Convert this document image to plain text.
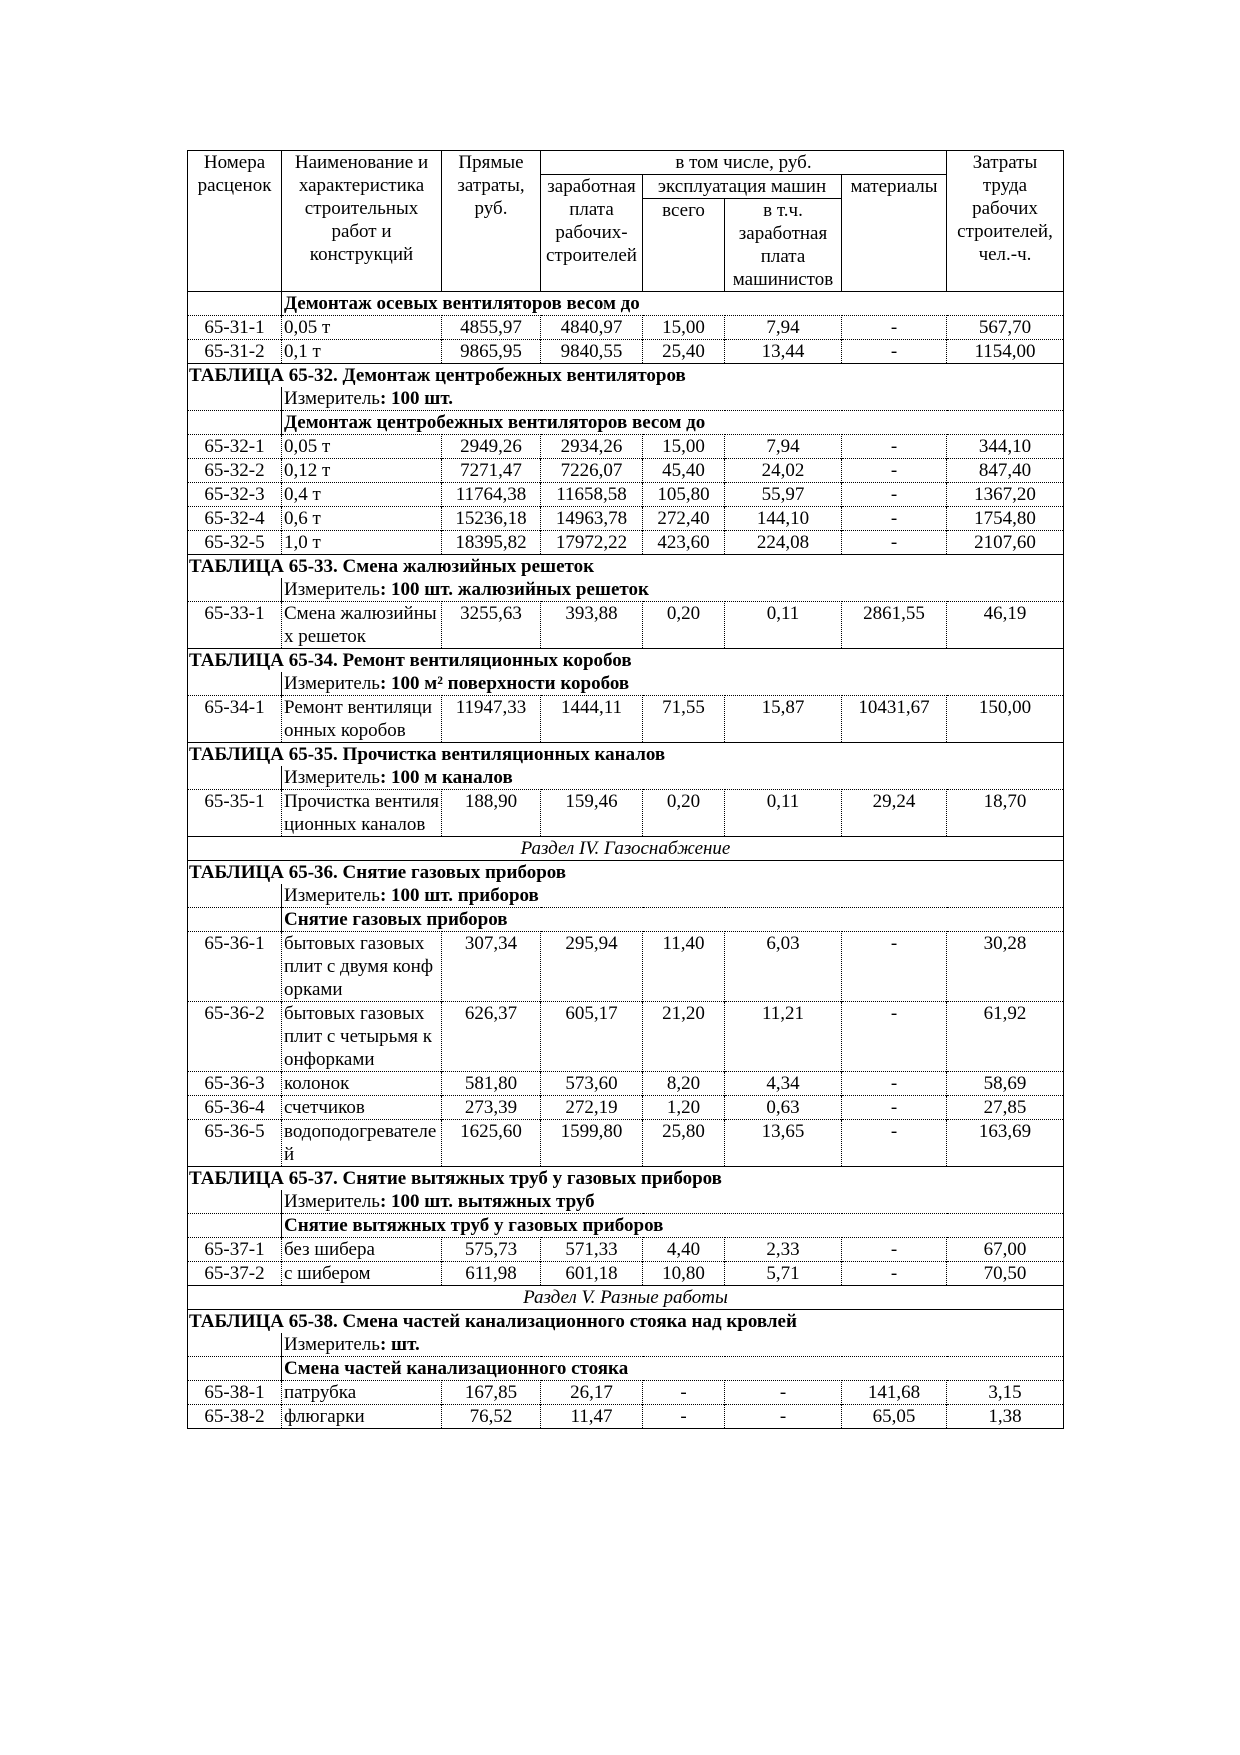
Номера расценок	Наименование и характеристика строительных работ и конструкций	Прямые затраты, руб.	в том числе, руб.				Затраты труда рабочих строителей, чел.-ч.
			заработная плата рабочих-строителей	эксплуатация машин		материалы	
				всего	в т.ч. заработная плата машинистов		
	Демонтаж осевых вентиляторов весом до						
65-31-1	0,05 т	4855,97	4840,97	15,00	7,94	-	567,70
65-31-2	0,1 т	9865,95	9840,55	25,40	13,44	-	1154,00
ТАБЛИЦА 65-32. Демонтаж центробежных вентиляторов							
	Измеритель: 100 шт.						
	Демонтаж центробежных вентиляторов весом до						
65-32-1	0,05 т	2949,26	2934,26	15,00	7,94	-	344,10
65-32-2	0,12 т	7271,47	7226,07	45,40	24,02	-	847,40
65-32-3	0,4 т	11764,38	11658,58	105,80	55,97	-	1367,20
65-32-4	0,6 т	15236,18	14963,78	272,40	144,10	-	1754,80
65-32-5	1,0 т	18395,82	17972,22	423,60	224,08	-	2107,60
ТАБЛИЦА 65-33. Смена жалюзийных решеток							
	Измеритель: 100 шт. жалюзийных решеток						
65-33-1	Смена жалюзийных решеток	3255,63	393,88	0,20	0,11	2861,55	46,19
ТАБЛИЦА 65-34. Ремонт вентиляционных коробов							
	Измеритель: 100 м² поверхности коробов						
65-34-1	Ремонт вентиляционных коробов	11947,33	1444,11	71,55	15,87	10431,67	150,00
ТАБЛИЦА 65-35. Прочистка вентиляционных каналов							
	Измеритель: 100 м каналов						
65-35-1	Прочистка вентиляционных каналов	188,90	159,46	0,20	0,11	29,24	18,70
Раздел IV. Газоснабжение							
ТАБЛИЦА 65-36. Снятие газовых приборов							
	Измеритель: 100 шт. приборов						
	Снятие газовых приборов						
65-36-1	бытовых газовых плит с двумя конфорками	307,34	295,94	11,40	6,03	-	30,28
65-36-2	бытовых газовых плит с четырьмя конфорками	626,37	605,17	21,20	11,21	-	61,92
65-36-3	колонок	581,80	573,60	8,20	4,34	-	58,69
65-36-4	счетчиков	273,39	272,19	1,20	0,63	-	27,85
65-36-5	водоподогревателей	1625,60	1599,80	25,80	13,65	-	163,69
ТАБЛИЦА 65-37. Снятие вытяжных труб у газовых приборов							
	Измеритель: 100 шт. вытяжных труб						
	Снятие вытяжных труб у газовых приборов						
65-37-1	без шибера	575,73	571,33	4,40	2,33	-	67,00
65-37-2	с шибером	611,98	601,18	10,80	5,71	-	70,50
Раздел V. Разные работы							
ТАБЛИЦА 65-38. Смена частей канализационного стояка над кровлей							
	Измеритель: шт.						
	Смена частей канализационного стояка						
65-38-1	патрубка	167,85	26,17	-	-	141,68	3,15
65-38-2	флюгарки	76,52	11,47	-	-	65,05	1,38
